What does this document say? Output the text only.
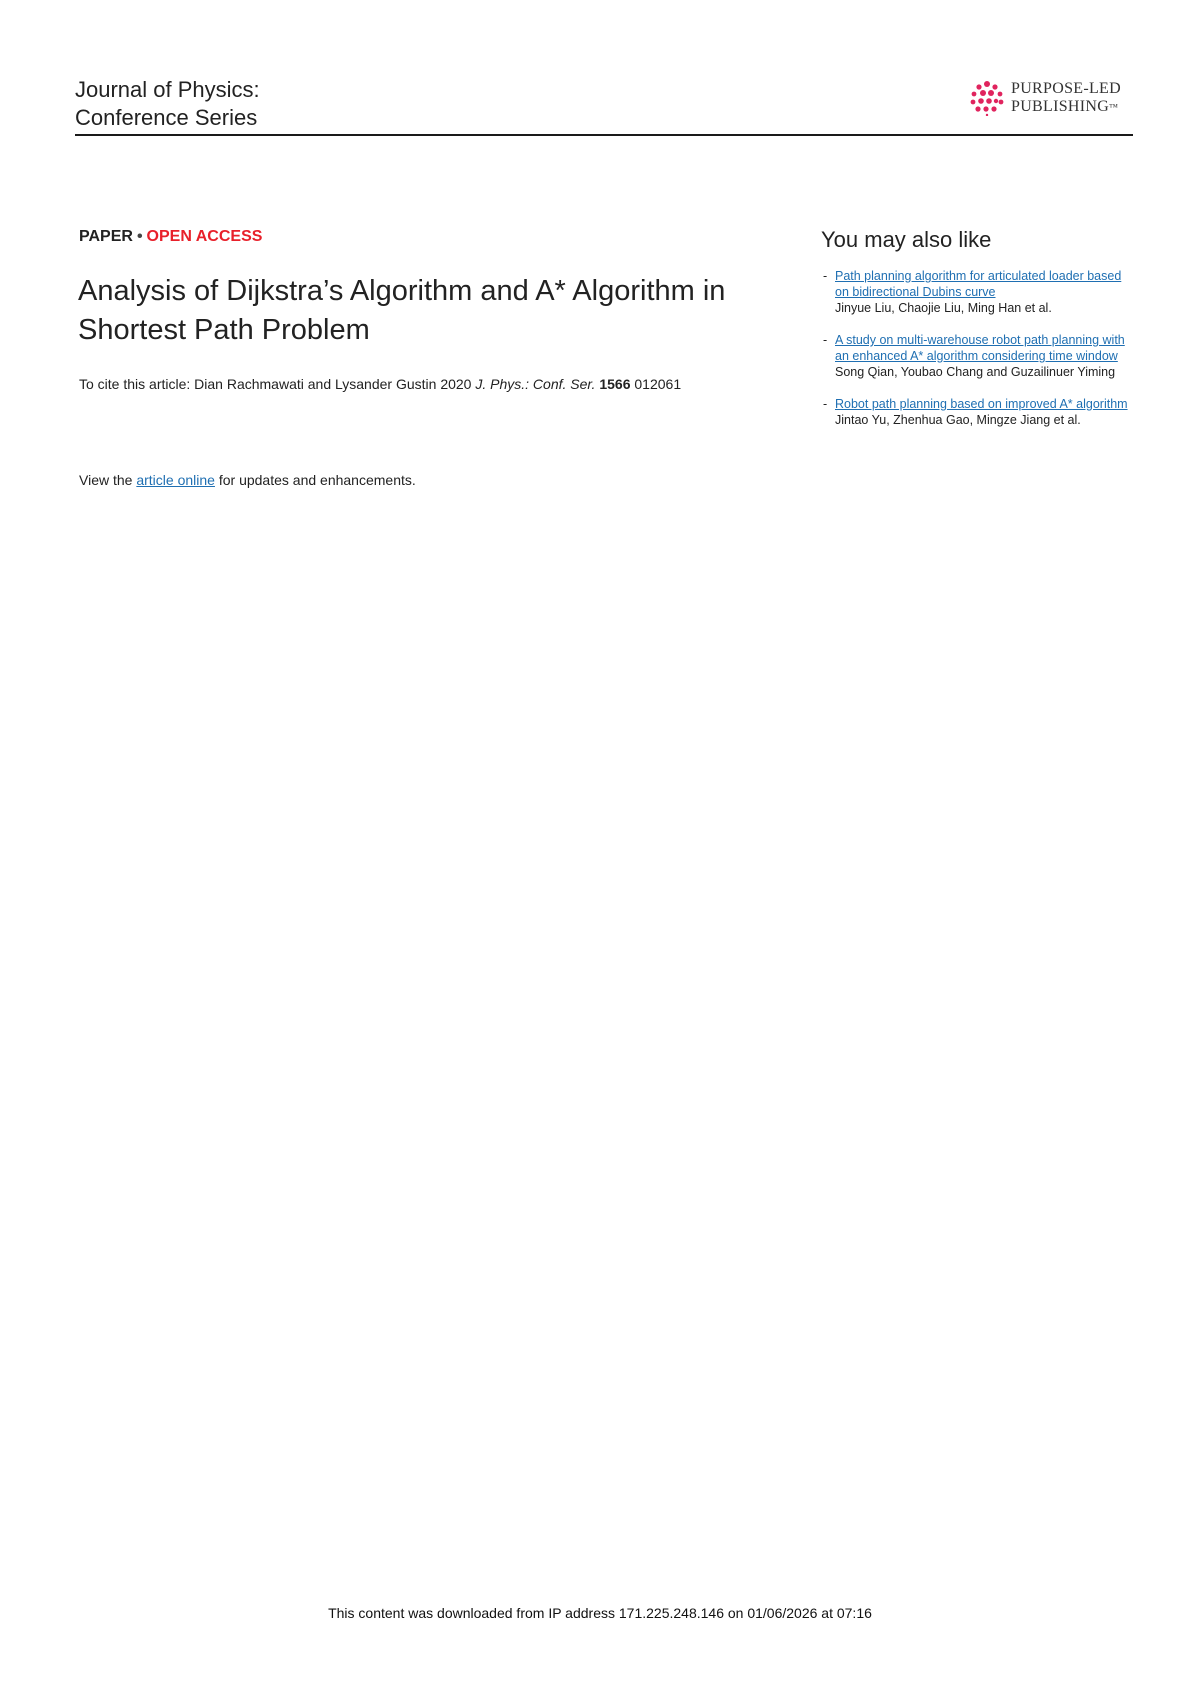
Journal of Physics:
Conference Series
PURPOSE-LED
PUBLISHING™
PAPER • OPEN ACCESS
Analysis of Dijkstra’s Algorithm and A* Algorithm in Shortest Path Problem
To cite this article: Dian Rachmawati and Lysander Gustin 2020 J. Phys.: Conf. Ser. 1566 012061
View the article online for updates and enhancements.
You may also like
- Path planning algorithm for articulated loader based on bidirectional Dubins curve
Jinyue Liu, Chaojie Liu, Ming Han et al.
- A study on multi-warehouse robot path planning with an enhanced A* algorithm considering time window
Song Qian, Youbao Chang and Guzailinuer Yiming
- Robot path planning based on improved A* algorithm
Jintao Yu, Zhenhua Gao, Mingze Jiang et al.
This content was downloaded from IP address 171.225.248.146 on 01/06/2026 at 07:16
